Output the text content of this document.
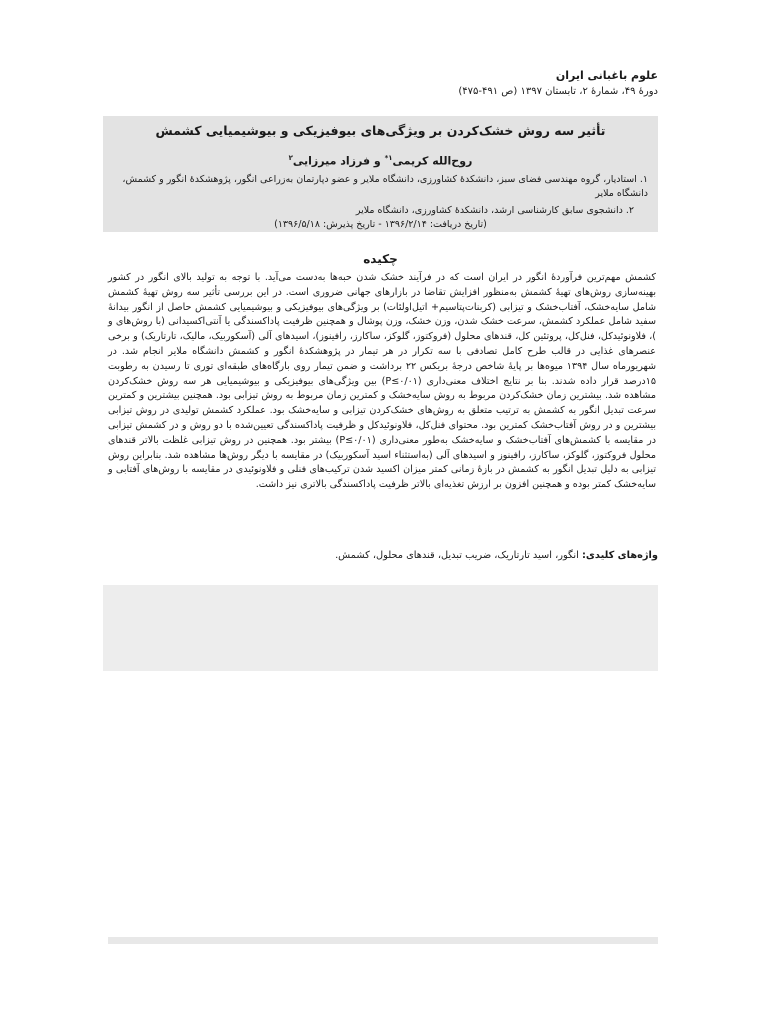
علوم باغبانی ایران
دورهٔ ۴۹، شمارهٔ ۲، تابستان ۱۳۹۷ (ص ۴۹۱-۴۷۵)
تأثیر سه روش خشک‌کردن بر ویژگی‌های بیوفیزیکی و بیوشیمیایی کشمش
روح‌الله کریمی$^{۱*}$ و فرزاد میرزایی$^۲$
۱. استادیار، گروه مهندسی فضای سبز، دانشکدهٔ کشاورزی، دانشگاه ملایر و عضو دپارتمان به‌زراعی انگور، پژوهشکدهٔ انگور و کشمش، دانشگاه ملایر
۲. دانشجوی سابق کارشناسی ارشد، دانشکدهٔ کشاورزی، دانشگاه ملایر
(تاریخ دریافت: ۱۳۹۶/۲/۱۴ - تاریخ پذیرش: ۱۳۹۶/۵/۱۸)
چکیده
کشمش مهم‌ترین فرآوردهٔ انگور در ایران است که در فرآیند خشک شدن حبه‌ها به‌دست می‌آید. با توجه به تولید بالای انگور در کشور بهینه‌سازی روش‌های تهیهٔ کشمش به‌منظور افزایش تقاضا در بازارهای جهانی ضروری است. در این بررسی تأثیر سه روش تهیهٔ کشمش شامل سایه‌خشک، آفتاب‌خشک و تیزابی (کربنات‌پتاسیم+ اتیل‌اولئات) بر ویژگی‌های بیوفیزیکی و بیوشیمیایی کشمش حاصل از انگور بیدانهٔ سفید شامل عملکرد کشمش، سرعت خشک شدن، وزن خشک، وزن پوشال و همچنین ظرفیت پاداکسندگی یا آنتی‌اکسیدانی (با روش‌های و )، فلاونوئیدکل، فنل‌کل، پروتئین کل، قندهای محلول (فروکتوز، گلوکز، ساکارز، رافینوز)، اسیدهای آلی (آسکوربیک، مالیک، تارتاریک) و برخی عنصرهای غذایی در قالب طرح کامل تصادفی با سه تکرار در هر تیمار در پژوهشکدهٔ انگور و کشمش دانشگاه ملایر انجام شد. در شهریورماه سال ۱۳۹۴ میوه‌ها بر پایهٔ شاخص درجهٔ بریکس ۲۲ برداشت و ضمن تیمار روی بارگاه‌های طبقه‌ای توری تا رسیدن به رطوبت ۱۵درصد قرار داده شدند. بنا بر نتایج اختلاف معنی‌داری (P≤۰/۰۱) بین ویژگی‌های بیوفیزیکی و بیوشیمیایی هر سه روش خشک‌کردن مشاهده شد. بیشترین زمان خشک‌کردن مربوط به روش سایه‌خشک و کمترین زمان مربوط به روش تیزابی بود. همچنین بیشترین و کمترین سرعت تبدیل انگور به کشمش به ترتیب متعلق به روش‌های خشک‌کردن تیزابی و سایه‌خشک بود. عملکرد کشمش تولیدی در روش تیزابی بیشترین و در روش آفتاب‌خشک کمترین بود. محتوای فنل‌کل، فلاونوئیدکل و ظرفیت پاداکسندگی تعیین‌شده با دو روش و در کشمش تیزابی در مقایسه با کشمش‌های آفتاب‌خشک و سایه‌خشک به‌طور معنی‌داری (P≤۰/۰۱) بیشتر بود. همچنین در روش تیزابی غلظت بالاتر قندهای محلول فروکتوز، گلوکز، ساکارز، رافینوز و اسیدهای آلی (به‌استثناء اسید آسکوربیک) در مقایسه با دیگر روش‌ها مشاهده شد. بنابراین روش تیزابی به دلیل تبدیل انگور به کشمش در بازهٔ زمانی کمتر میزان اکسید شدن ترکیب‌های فنلی و فلاونوئیدی در مقایسه با روش‌های آفتابی و سایه‌خشک کمتر بوده و همچنین افزون بر ارزش تغذیه‌ای بالاتر ظرفیت پاداکسندگی بالاتری نیز داشت.
واژه‌های کلیدی: انگور، اسید تارتاریک، ضریب تبدیل، قندهای محلول، کشمش.
